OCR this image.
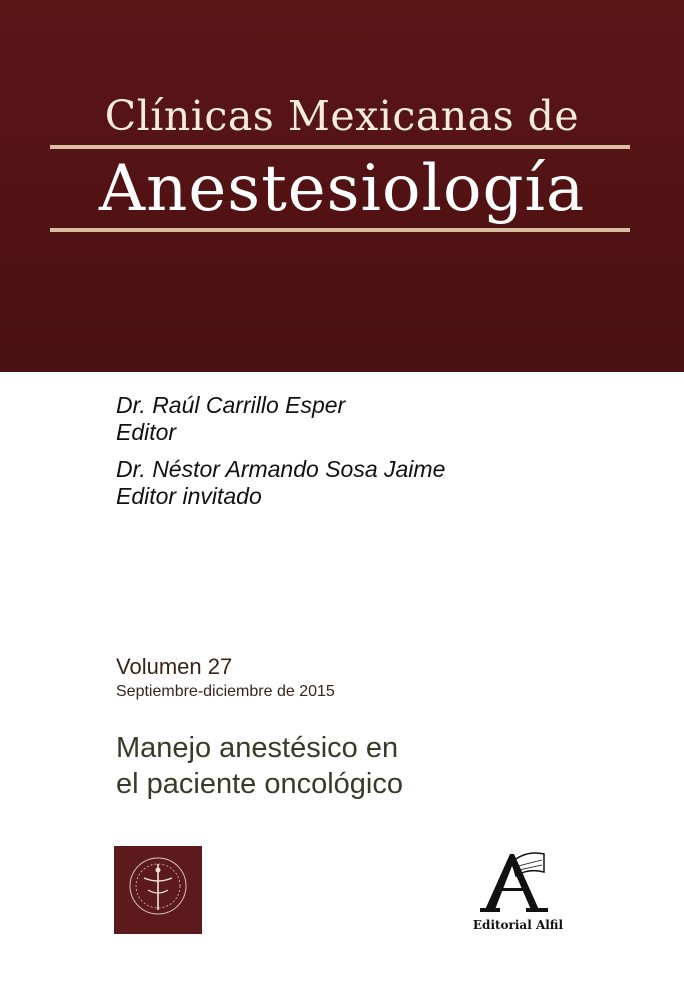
Clínicas Mexicanas de
Anestesiología
Dr. Raúl Carrillo Esper
Editor
Dr. Néstor Armando Sosa Jaime
Editor invitado
Volumen 27
Septiembre-diciembre de 2015
Manejo anestésico en
el paciente oncológico
Editorial Alfil
